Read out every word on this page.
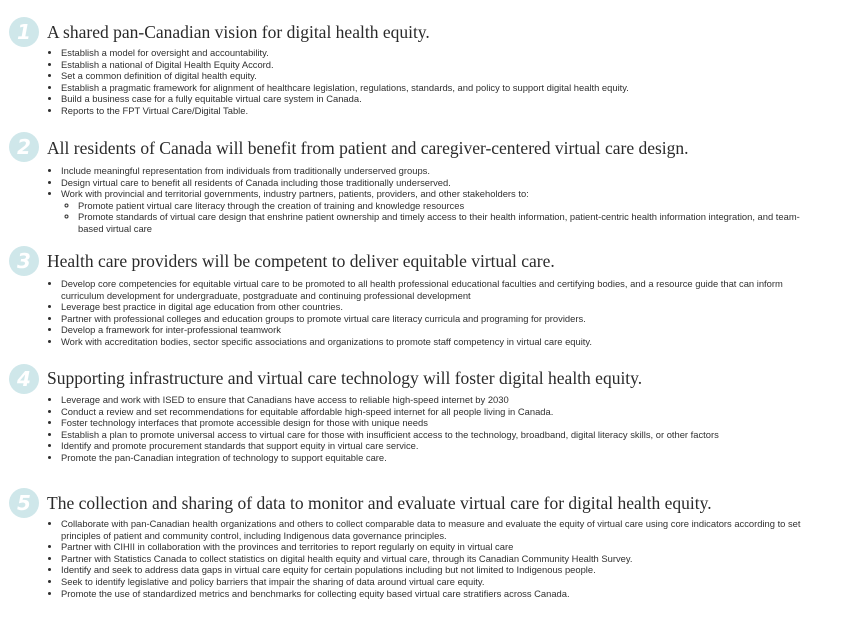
1 A shared pan-Canadian vision for digital health equity.
• Establish a model for oversight and accountability.
• Establish a national of Digital Health Equity Accord.
• Set a common definition of digital health equity.
• Establish a pragmatic framework for alignment of healthcare legislation, regulations, standards, and policy to support digital health equity.
• Build a business case for a fully equitable virtual care system in Canada.
• Reports to the FPT Virtual Care/Digital Table.
2 All residents of Canada will benefit from patient and caregiver-centered virtual care design.
• Include meaningful representation from individuals from traditionally underserved groups.
• Design virtual care to benefit all residents of Canada including those traditionally underserved.
• Work with provincial and territorial governments, industry partners, patients, providers, and other stakeholders to:
◦ Promote patient virtual care literacy through the creation of training and knowledge resources
◦ Promote standards of virtual care design that enshrine patient ownership and timely access to their health information, patient-centric health information integration, and team-based virtual care
3 Health care providers will be competent to deliver equitable virtual care.
• Develop core competencies for equitable virtual care to be promoted to all health professional educational faculties and certifying bodies, and a resource guide that can inform curriculum development for undergraduate, postgraduate and continuing professional development
• Leverage best practice in digital age education from other countries.
• Partner with professional colleges and education groups to promote virtual care literacy curricula and programing for providers.
• Develop a framework for inter-professional teamwork
• Work with accreditation bodies, sector specific associations and organizations to promote staff competency in virtual care equity.
4 Supporting infrastructure and virtual care technology will foster digital health equity.
• Leverage and work with ISED to ensure that Canadians have access to reliable high-speed internet by 2030
• Conduct a review and set recommendations for equitable affordable high-speed internet for all people living in Canada.
• Foster technology interfaces that promote accessible design for those with unique needs
• Establish a plan to promote universal access to virtual care for those with insufficient access to the technology, broadband, digital literacy skills, or other factors
• Identify and promote procurement standards that support equity in virtual care service.
• Promote the pan-Canadian integration of technology to support equitable care.
5 The collection and sharing of data to monitor and evaluate virtual care for digital health equity.
• Collaborate with pan-Canadian health organizations and others to collect comparable data to measure and evaluate the equity of virtual care using core indicators according to set principles of patient and community control, including Indigenous data governance principles.
• Partner with CIHII in collaboration with the provinces and territories to report regularly on equity in virtual care
• Partner with Statistics Canada to collect statistics on digital health equity and virtual care, through its Canadian Community Health Survey.
• Identify and seek to address data gaps in virtual care equity for certain populations including but not limited to Indigenous people.
• Seek to identify legislative and policy barriers that impair the sharing of data around virtual care equity.
• Promote the use of standardized metrics and benchmarks for collecting equity based virtual care stratifiers across Canada.
